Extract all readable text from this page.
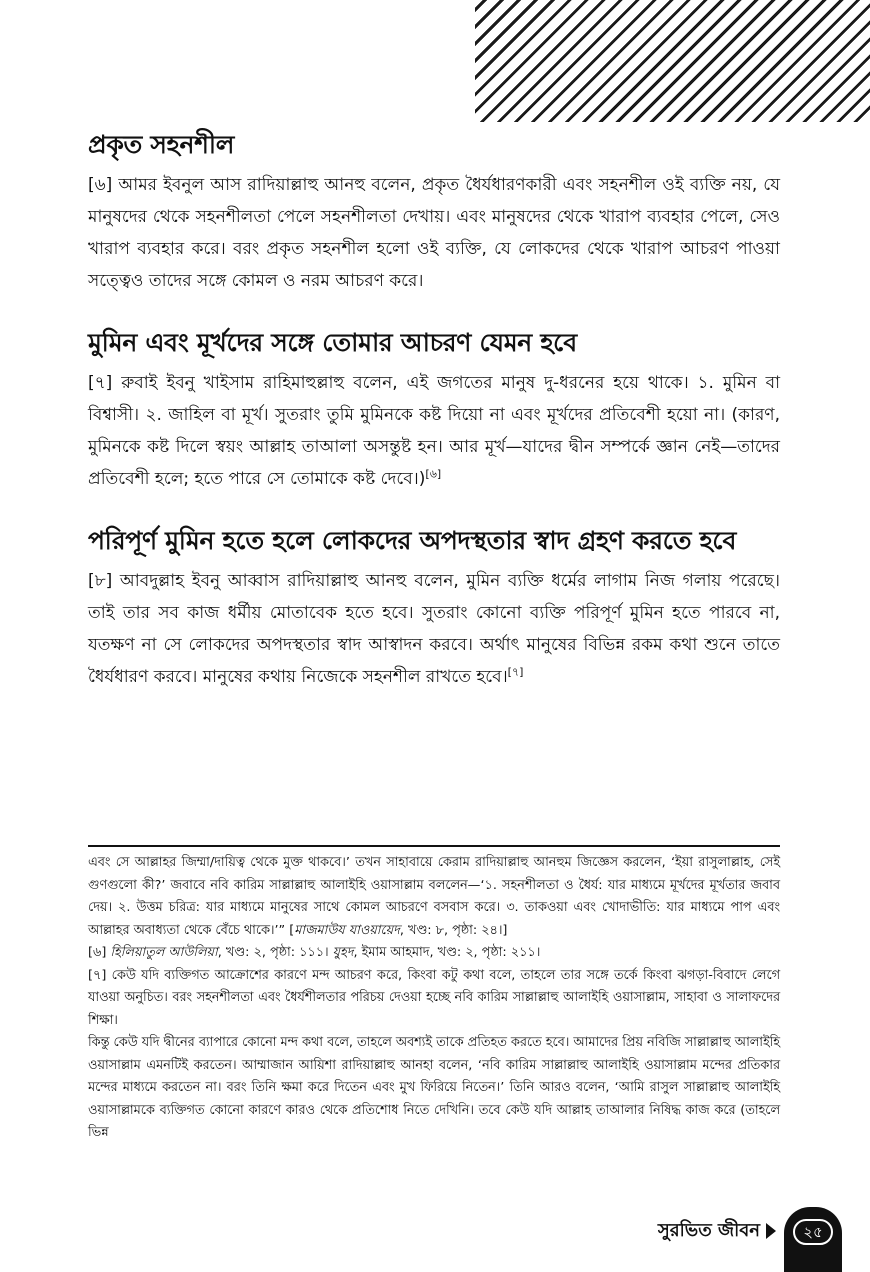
প্রকৃত সহনশীল

[৬] আমর ইবনুল আস রাদিয়াল্লাহু আনহু বলেন, প্রকৃত ধৈর্যধারণকারী এবং সহনশীল ওই ব্যক্তি নয়, যে মানুষদের থেকে সহনশীলতা পেলে সহনশীলতা দেখায়। এবং মানুষদের থেকে খারাপ ব্যবহার পেলে, সেও খারাপ ব্যবহার করে। বরং প্রকৃত সহনশীল হলো ওই ব্যক্তি, যে লোকদের থেকে খারাপ আচরণ পাওয়া সত্ত্বেও তাদের সঙ্গে কোমল ও নরম আচরণ করে।

মুমিন এবং মূর্খদের সঙ্গে তোমার আচরণ যেমন হবে

[৭] রুবাই ইবনু খাইসাম রাহিমাহুল্লাহু বলেন, এই জগতের মানুষ দু-ধরনের হয়ে থাকে। ১. মুমিন বা বিশ্বাসী। ২. জাহিল বা মূর্খ। সুতরাং তুমি মুমিনকে কষ্ট দিয়ো না এবং মূর্খদের প্রতিবেশী হয়ো না। (কারণ, মুমিনকে কষ্ট দিলে স্বয়ং আল্লাহ তাআলা অসন্তুষ্ট হন। আর মূর্খ—যাদের দ্বীন সম্পর্কে জ্ঞান নেই—তাদের প্রতিবেশী হলে; হতে পারে সে তোমাকে কষ্ট দেবে।)[৬]

পরিপূর্ণ মুমিন হতে হলে লোকদের অপদস্থতার স্বাদ গ্রহণ করতে হবে

[৮] আবদুল্লাহ ইবনু আব্বাস রাদিয়াল্লাহু আনহু বলেন, মুমিন ব্যক্তি ধর্মের লাগাম নিজ গলায় পরেছে। তাই তার সব কাজ ধর্মীয় মোতাবেক হতে হবে। সুতরাং কোনো ব্যক্তি পরিপূর্ণ মুমিন হতে পারবে না, যতক্ষণ না সে লোকদের অপদস্থতার স্বাদ আস্বাদন করবে। অর্থাৎ মানুষের বিভিন্ন রকম কথা শুনে তাতে ধৈর্যধারণ করবে। মানুষের কথায় নিজেকে সহনশীল রাখতে হবে।[৭]

এবং সে আল্লাহর জিম্মা/দায়িত্ব থেকে মুক্ত থাকবে।’ তখন সাহাবায়ে কেরাম রাদিয়াল্লাহু আনহুম জিজ্ঞেস করলেন, ‘ইয়া রাসুলাল্লাহ, সেই গুণগুলো কী?’ জবাবে নবি কারিম সাল্লাল্লাহু আলাইহি ওয়াসাল্লাম বললেন—‘১. সহনশীলতা ও ধৈর্য: যার মাধ্যমে মূর্খদের মূর্খতার জবাব দেয়। ২. উত্তম চরিত্র: যার মাধ্যমে মানুষের সাথে কোমল আচরণে বসবাস করে। ৩. তাকওয়া এবং খোদাভীতি: যার মাধ্যমে পাপ এবং আল্লাহর অবাধ্যতা থেকে বেঁচে থাকে।’” [মাজমাউয যাওয়ায়েদ, খণ্ড: ৮, পৃষ্ঠা: ২৪।]

[৬] হিলিয়াতুল আউলিয়া, খণ্ড: ২, পৃষ্ঠা: ১১১। যুহদ, ইমাম আহমাদ, খণ্ড: ২, পৃষ্ঠা: ২১১।

[৭] কেউ যদি ব্যক্তিগত আক্রোশের কারণে মন্দ আচরণ করে, কিংবা কটু কথা বলে, তাহলে তার সঙ্গে তর্কে কিংবা ঝগড়া-বিবাদে লেগে যাওয়া অনুচিত। বরং সহনশীলতা এবং ধৈর্যশীলতার পরিচয় দেওয়া হচ্ছে নবি কারিম সাল্লাল্লাহু আলাইহি ওয়াসাল্লাম, সাহাবা ও সালাফদের শিক্ষা।

কিন্তু কেউ যদি দ্বীনের ব্যাপারে কোনো মন্দ কথা বলে, তাহলে অবশ্যই তাকে প্রতিহত করতে হবে। আমাদের প্রিয় নবিজি সাল্লাল্লাহু আলাইহি ওয়াসাল্লাম এমনটিই করতেন। আম্মাজান আয়িশা রাদিয়াল্লাহু আনহা বলেন, ‘নবি কারিম সাল্লাল্লাহু আলাইহি ওয়াসাল্লাম মন্দের প্রতিকার মন্দের মাধ্যমে করতেন না। বরং তিনি ক্ষমা করে দিতেন এবং মুখ ফিরিয়ে নিতেন।’ তিনি আরও বলেন, ‘আমি রাসুল সাল্লাল্লাহু আলাইহি ওয়াসাল্লামকে ব্যক্তিগত কোনো কারণে কারও থেকে প্রতিশোধ নিতে দেখিনি। তবে কেউ যদি আল্লাহ তাআলার নিষিদ্ধ কাজ করে (তাহলে ভিন্ন

সুরভিত জীবন	২৫
